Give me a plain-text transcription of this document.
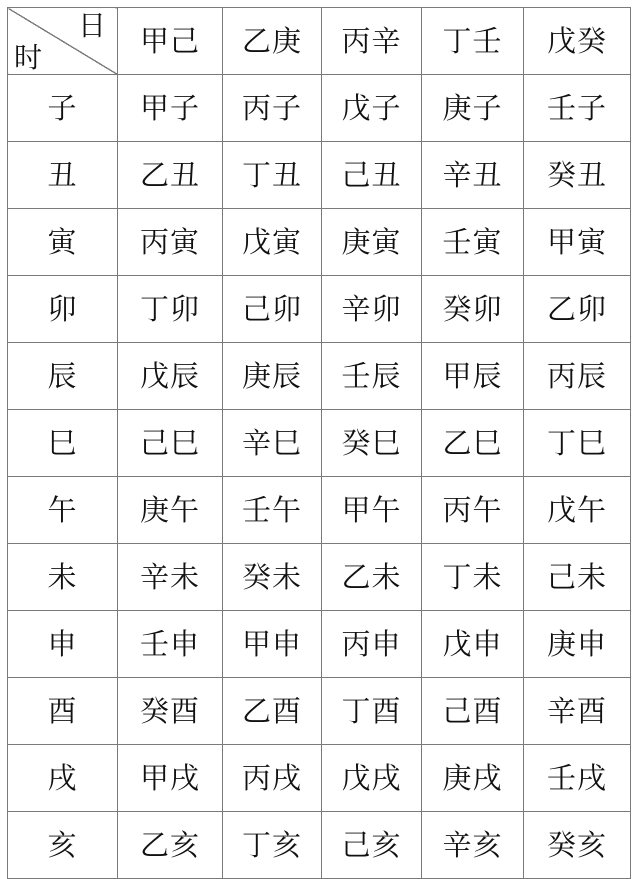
日
时	甲己	乙庚	丙辛	丁壬	戊癸
子	甲子	丙子	戊子	庚子	壬子
丑	乙丑	丁丑	己丑	辛丑	癸丑
寅	丙寅	戊寅	庚寅	壬寅	甲寅
卯	丁卯	己卯	辛卯	癸卯	乙卯
辰	戊辰	庚辰	壬辰	甲辰	丙辰
巳	己巳	辛巳	癸巳	乙巳	丁巳
午	庚午	壬午	甲午	丙午	戊午
未	辛未	癸未	乙未	丁未	己未
申	壬申	甲申	丙申	戊申	庚申
酉	癸酉	乙酉	丁酉	己酉	辛酉
戌	甲戌	丙戌	戊戌	庚戌	壬戌
亥	乙亥	丁亥	己亥	辛亥	癸亥
